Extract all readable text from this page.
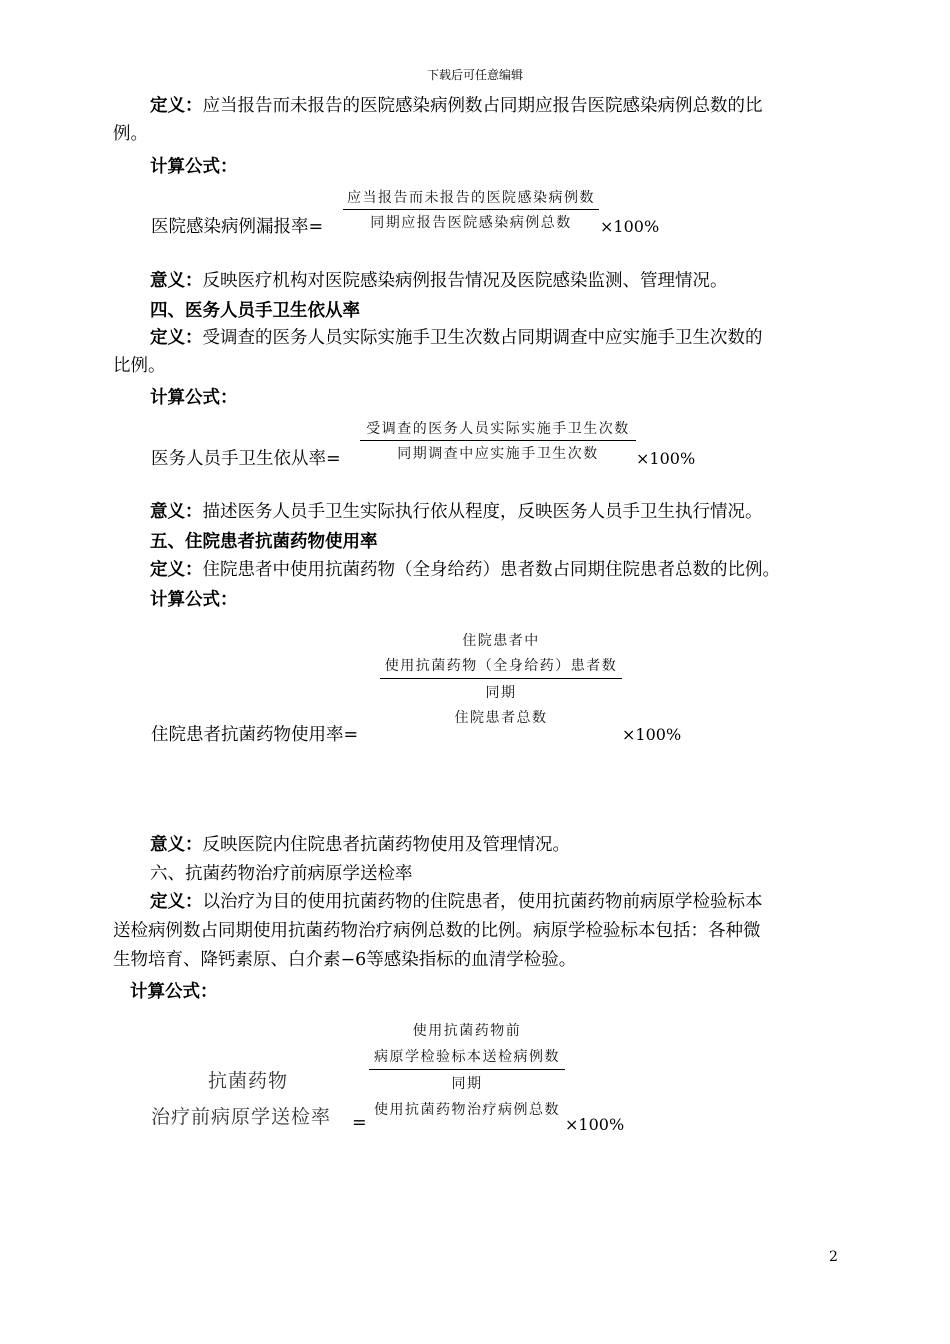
下载后可任意编辑
定义：应当报告而未报告的医院感染病例数占同期应报告医院感染病例总数的比
例。
计算公式：
应当报告而未报告的医院感染病例数
同期应报告医院感染病例总数
医院感染病例漏报率=	×100%
意义：反映医疗机构对医院感染病例报告情况及医院感染监测、管理情况。
四、医务人员手卫生依从率
定义：受调查的医务人员实际实施手卫生次数占同期调查中应实施手卫生次数的
比例。
计算公式：
受调查的医务人员实际实施手卫生次数
同期调查中应实施手卫生次数
医务人员手卫生依从率=	×100%
意义：描述医务人员手卫生实际执行依从程度，反映医务人员手卫生执行情况。
五、住院患者抗菌药物使用率
定义：住院患者中使用抗菌药物（全身给药）患者数占同期住院患者总数的比例。
计算公式：
住院患者中
使用抗菌药物（全身给药）患者数
同期
住院患者总数
住院患者抗菌药物使用率=	×100%
意义：反映医院内住院患者抗菌药物使用及管理情况。
六、抗菌药物治疗前病原学送检率
定义：以治疗为目的使用抗菌药物的住院患者，使用抗菌药物前病原学检验标本
送检病例数占同期使用抗菌药物治疗病例总数的比例。病原学检验标本包括：各种微
生物培育、降钙素原、白介素−6等感染指标的血清学检验。
计算公式：
使用抗菌药物前
病原学检验标本送检病例数
同期
使用抗菌药物治疗病例总数
抗菌药物
治疗前病原学送检率 =	×100%
2
